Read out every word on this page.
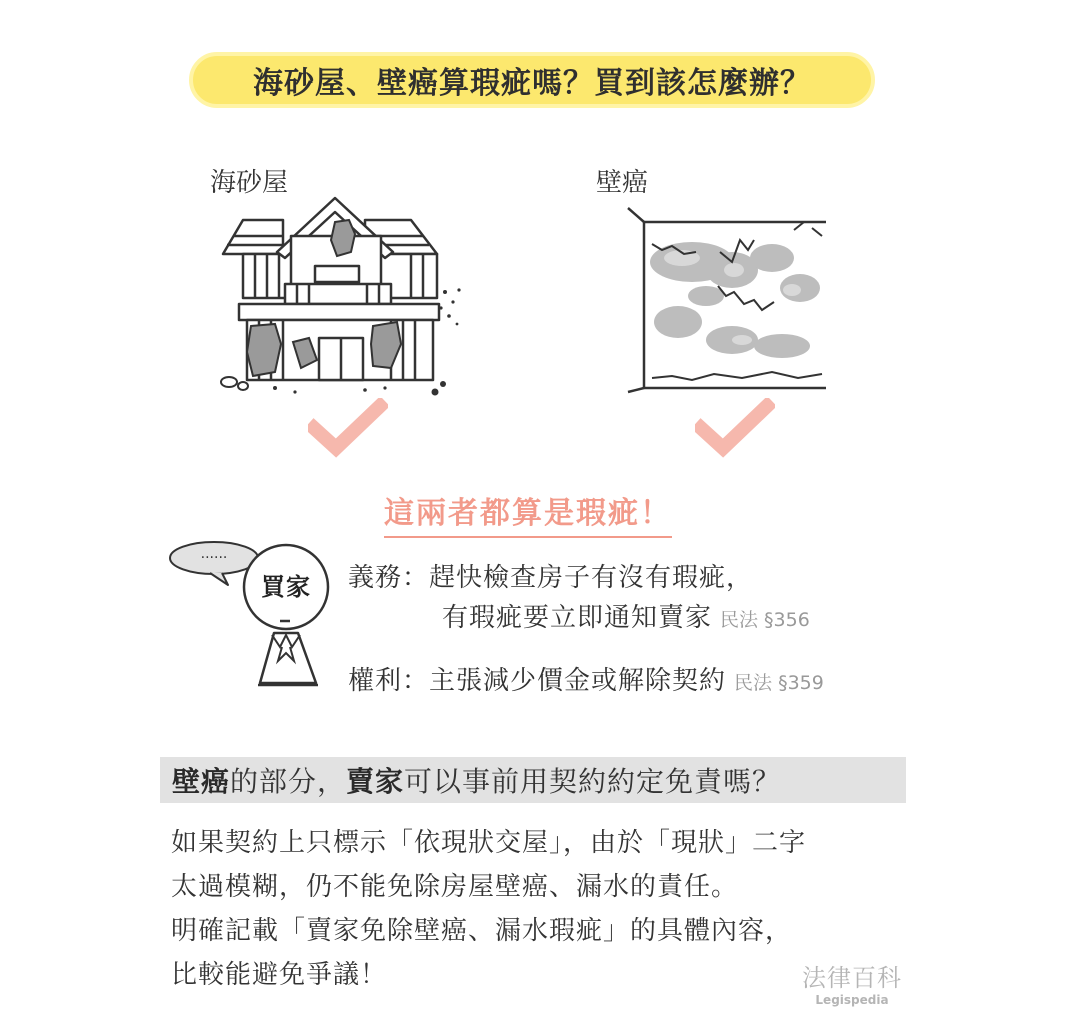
海砂屋、壁癌算瑕疵嗎？買到該怎麼辦？
海砂屋	壁癌
這兩者都算是瑕疵！
......
買家	義務：趕快檢查房子有沒有瑕疵，
有瑕疵要立即通知賣家 民法 §356
權利：主張減少價金或解除契約 民法 §359
壁癌 的部分， 賣家 可以事前用契約約定免責嗎？
如果契約上只標示「依現狀交屋」，由於「現狀」二字
太過模糊，仍不能免除房屋壁癌、漏水的責任。
明確記載「賣家免除壁癌、漏水瑕疵」的具體內容，
比較能避免爭議！	法律百科
Legispedia
